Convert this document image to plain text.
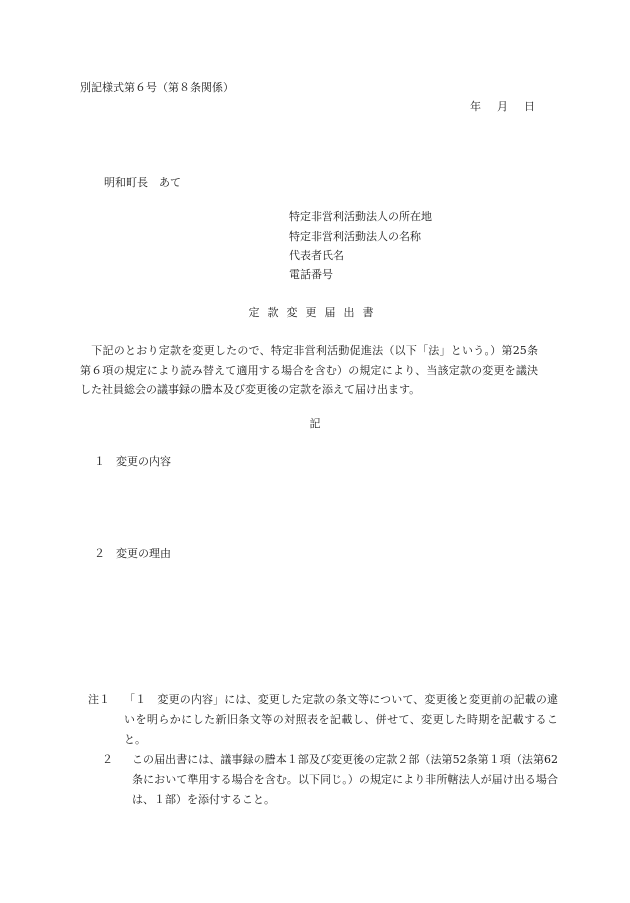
別記様式第６号（第８条関係）
年 月 日
明和町長　あて
特定非営利活動法人の所在地
特定非営利活動法人の名称
代表者氏名
電話番号
定款変更届出書
下記のとおり定款を変更したので、特定非営利活動促進法（以下「法」という。）第25条第６項の規定により読み替えて適用する場合を含む）の規定により、当該定款の変更を議決した社員総会の議事録の謄本及び変更後の定款を添えて届け出ます。
記
１ 変更の内容
２ 変更の理由
注１	「１　変更の内容」には、変更した定款の条文等について、変更後と変更前の記載の違いを明らかにした新旧条文等の対照表を記載し、併せて、変更した時期を記載すること。
２	この届出書には、議事録の謄本１部及び変更後の定款２部（法第52条第１項（法第62条において準用する場合を含む。以下同じ。）の規定により非所轄法人が届け出る場合は、１部）を添付すること。
